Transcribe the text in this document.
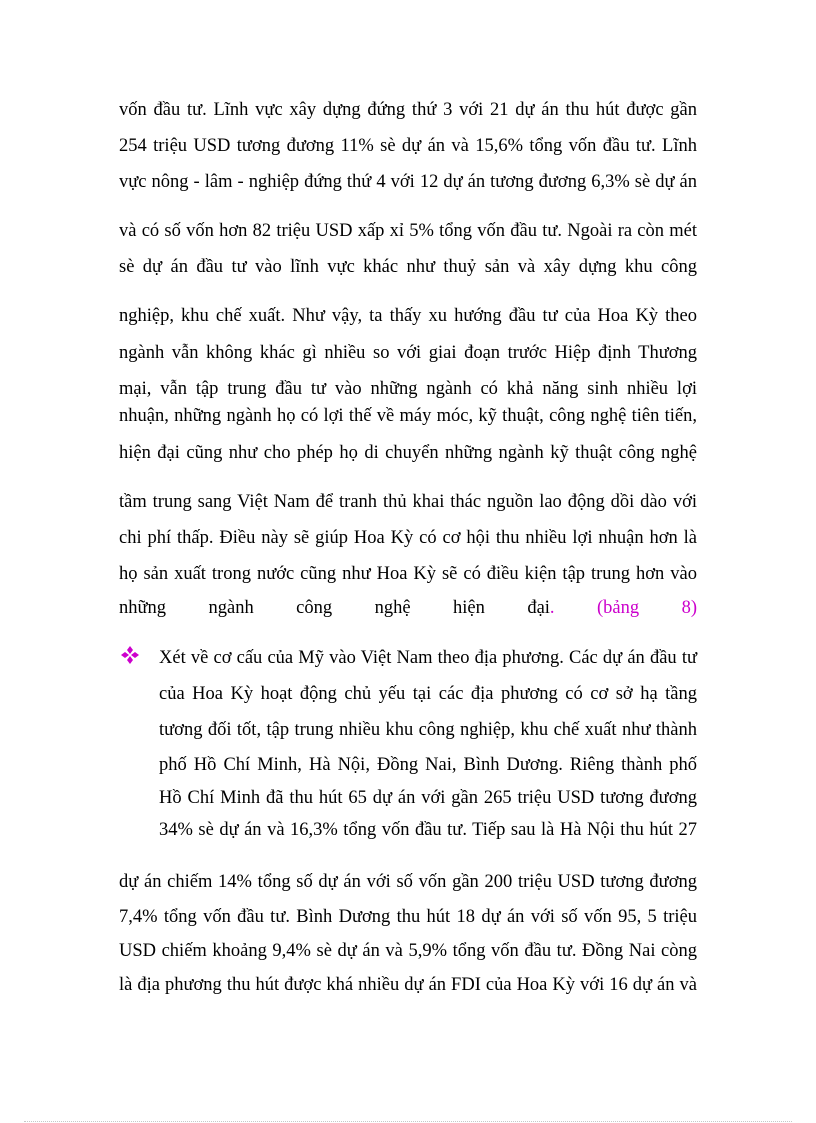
vốn đầu tư. Lĩnh vực xây dựng đứng thứ 3 với 21 dự án thu hút được gần
254 triệu USD tương đương 11% sè dự án và 15,6% tổng vốn đầu tư. Lĩnh
vực nông - lâm - nghiệp đứng thứ 4 với 12 dự án tương đương 6,3% sè dự án
và có số vốn hơn 82 triệu USD xấp xỉ 5% tổng vốn đầu tư. Ngoài ra còn mét
sè dự án đầu tư vào lĩnh vực khác như thuỷ sản và xây dựng khu công
nghiệp, khu chế xuất. Như vậy, ta thấy xu hướng đầu tư của Hoa Kỳ theo
ngành vẫn không khác gì nhiều so với giai đoạn trước Hiệp định Thương
mại, vẫn tập trung đầu tư vào những ngành có khả năng sinh nhiều lợi
nhuận, những ngành họ có lợi thế về máy móc, kỹ thuật, công nghệ tiên tiến,
hiện đại cũng như cho phép họ di chuyển những ngành kỹ thuật công nghệ
tầm trung sang Việt Nam để tranh thủ khai thác nguồn lao động dồi dào với
chi phí thấp. Điều này sẽ giúp Hoa Kỳ có cơ hội thu nhiều lợi nhuận hơn là
họ sản xuất trong nước cũng như Hoa Kỳ sẽ có điều kiện tập trung hơn vào
những ngành công nghệ hiện đại. (bảng 8)
Xét về cơ cấu của Mỹ vào Việt Nam theo địa phương. Các dự án đầu tư
của Hoa Kỳ hoạt động chủ yếu tại các địa phương có cơ sở hạ tầng
tương đối tốt, tập trung nhiều khu công nghiệp, khu chế xuất như thành
phố Hồ Chí Minh, Hà Nội, Đồng Nai, Bình Dương. Riêng thành phố
Hồ Chí Minh đã thu hút 65 dự án với gần 265 triệu USD tương đương
34% sè dự án và 16,3% tổng vốn đầu tư. Tiếp sau là Hà Nội thu hút 27
dự án chiếm 14% tổng số dự án với số vốn gần 200 triệu USD tương đương
7,4% tổng vốn đầu tư. Bình Dương thu hút 18 dự án với số vốn 95, 5 triệu
USD chiếm khoảng 9,4% sè dự án và 5,9% tổng vốn đầu tư. Đồng Nai còng
là địa phương thu hút được khá nhiều dự án FDI của Hoa Kỳ với 16 dự án và
